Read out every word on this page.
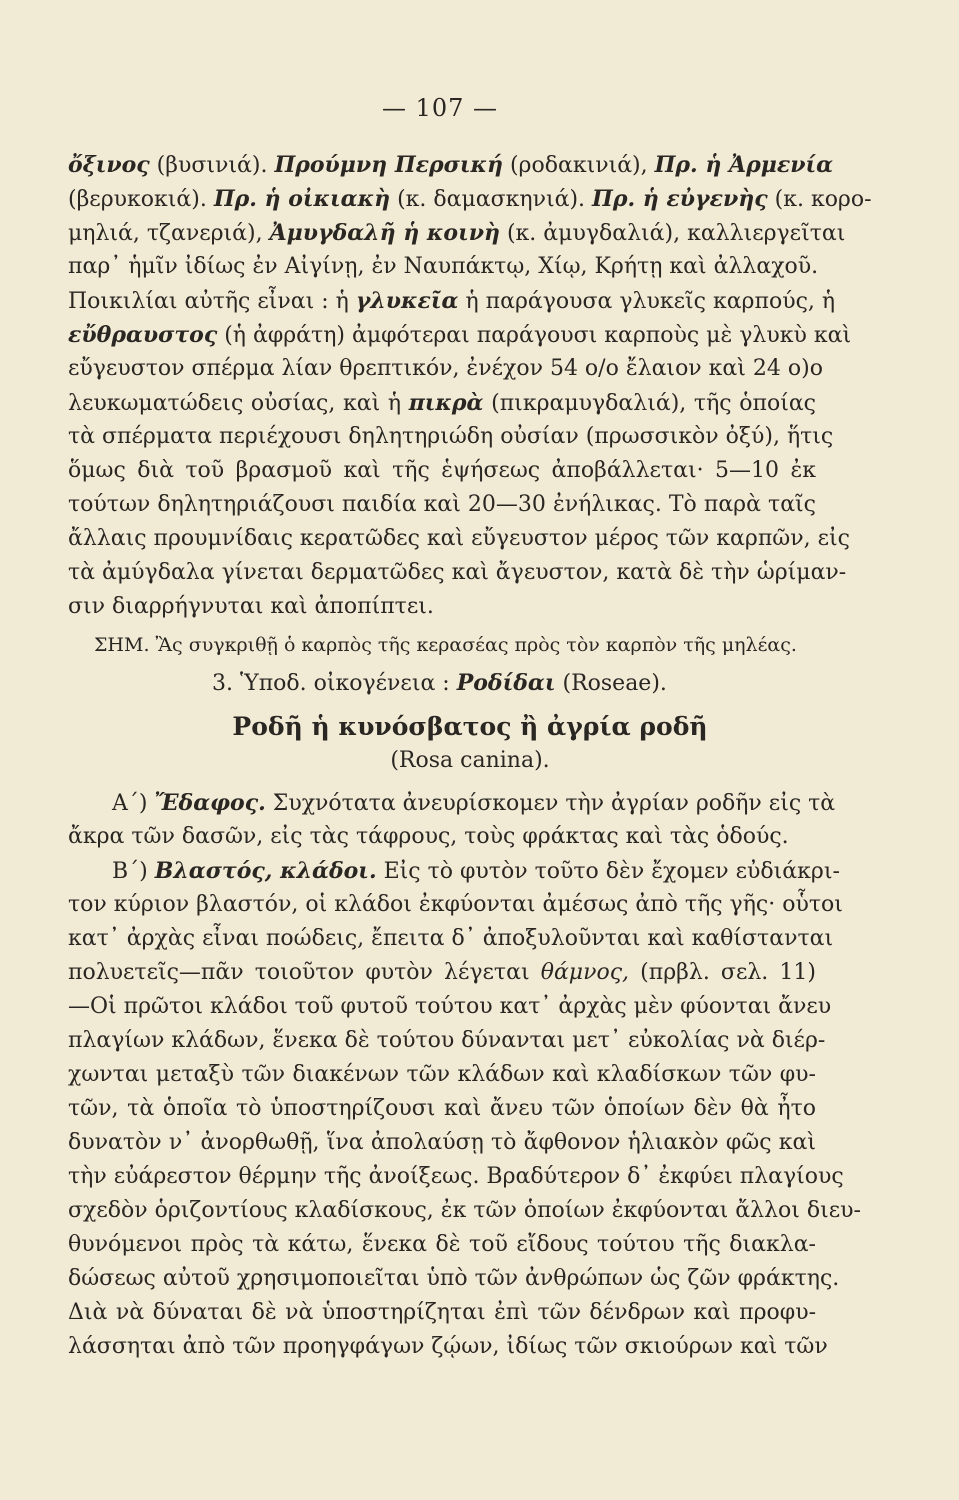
— 107 —
ὄξινος (βυσινιά). Προύμνη Περσική (ροδακινιά), Πρ. ἡ Ἀρμενία
(βερυκοκιά). Πρ. ἡ οἰκιακὴ (κ. δαμασκηνιά). Πρ. ἡ εὐγενὴς (κ. κορο-
μηλιά, τζανεριά), Ἀμυγδαλῆ ἡ κοινὴ (κ. ἀμυγδαλιά), καλλιεργεῖται
παρ᾽ ἡμῖν ἰδίως ἐν Αἰγίνῃ, ἐν Ναυπάκτῳ, Χίῳ, Κρήτῃ καὶ ἀλλαχοῦ.
Ποικιλίαι αὐτῆς εἶναι : ἡ γλυκεῖα ἡ παράγουσα γλυκεῖς καρπούς, ἡ
εὔθραυστος (ἡ ἀφράτη) ἀμφότεραι παράγουσι καρποὺς μὲ γλυκὺ καὶ
εὔγευστον σπέρμα λίαν θρεπτικόν, ἐνέχον 54 ο/ο ἔλαιον καὶ 24 ο)ο
λευκωματώδεις οὐσίας, καὶ ἡ πικρὰ (πικραμυγδαλιά), τῆς ὁποίας
τὰ σπέρματα περιέχουσι δηλητηριώδη οὐσίαν (πρωσσικὸν ὀξύ), ἥτις
ὅμως διὰ τοῦ βρασμοῦ καὶ τῆς ἑψήσεως ἀποβάλλεται· 5—10 ἐκ
τούτων δηλητηριάζουσι παιδία καὶ 20—30 ἐνήλικας. Τὸ παρὰ ταῖς
ἄλλαις προυμνίδαις κερατῶδες καὶ εὔγευστον μέρος τῶν καρπῶν, εἰς
τὰ ἀμύγδαλα γίνεται δερματῶδες καὶ ἄγευστον, κατὰ δὲ τὴν ὡρίμαν-
σιν διαρρήγνυται καὶ ἀποπίπτει.
ΣΗΜ. Ἂς συγκριθῇ ὁ καρπὸς τῆς κερασέας πρὸς τὸν καρπὸν τῆς μηλέας.
3. Ὑποδ. οἰκογένεια : Ροδίδαι (Roseae).
Ροδῆ ἡ κυνόσβατος ἢ ἀγρία ροδῆ
(Rosa canina).
Α΄) Ἔδαφος. Συχνότατα ἀνευρίσκομεν τὴν ἀγρίαν ροδῆν εἰς τὰ
ἄκρα τῶν δασῶν, εἰς τὰς τάφρους, τοὺς φράκτας καὶ τὰς ὁδούς.
Β΄) Βλαστός, κλάδοι. Εἰς τὸ φυτὸν τοῦτο δὲν ἔχομεν εὐδιάκρι-
τον κύριον βλαστόν, οἱ κλάδοι ἐκφύονται ἀμέσως ἀπὸ τῆς γῆς· οὗτοι
κατ᾽ ἀρχὰς εἶναι ποώδεις, ἔπειτα δ᾽ ἀποξυλοῦνται καὶ καθίστανται
πολυετεῖς—πᾶν τοιοῦτον φυτὸν λέγεται θάμνος, (πρβλ. σελ. 11)
—Οἱ πρῶτοι κλάδοι τοῦ φυτοῦ τούτου κατ᾽ ἀρχὰς μὲν φύονται ἄνευ
πλαγίων κλάδων, ἕνεκα δὲ τούτου δύνανται μετ᾽ εὐκολίας νὰ διέρ-
χωνται μεταξὺ τῶν διακένων τῶν κλάδων καὶ κλαδίσκων τῶν φυ-
τῶν, τὰ ὁποῖα τὸ ὑποστηρίζουσι καὶ ἄνευ τῶν ὁποίων δὲν θὰ ἦτο
δυνατὸν ν᾽ ἀνορθωθῇ, ἵνα ἀπολαύσῃ τὸ ἄφθονον ἡλιακὸν φῶς καὶ
τὴν εὐάρεστον θέρμην τῆς ἀνοίξεως. Βραδύτερον δ᾽ ἐκφύει πλαγίους
σχεδὸν ὁριζοντίους κλαδίσκους, ἐκ τῶν ὁποίων ἐκφύονται ἄλλοι διευ-
θυνόμενοι πρὸς τὰ κάτω, ἕνεκα δὲ τοῦ εἴδους τούτου τῆς διακλα-
δώσεως αὐτοῦ χρησιμοποιεῖται ὑπὸ τῶν ἀνθρώπων ὡς ζῶν φράκτης.
Διὰ νὰ δύναται δὲ νὰ ὑποστηρίζηται ἐπὶ τῶν δένδρων καὶ προφυ-
λάσσηται ἀπὸ τῶν προηγφάγων ζῴων, ἰδίως τῶν σκιούρων καὶ τῶν
